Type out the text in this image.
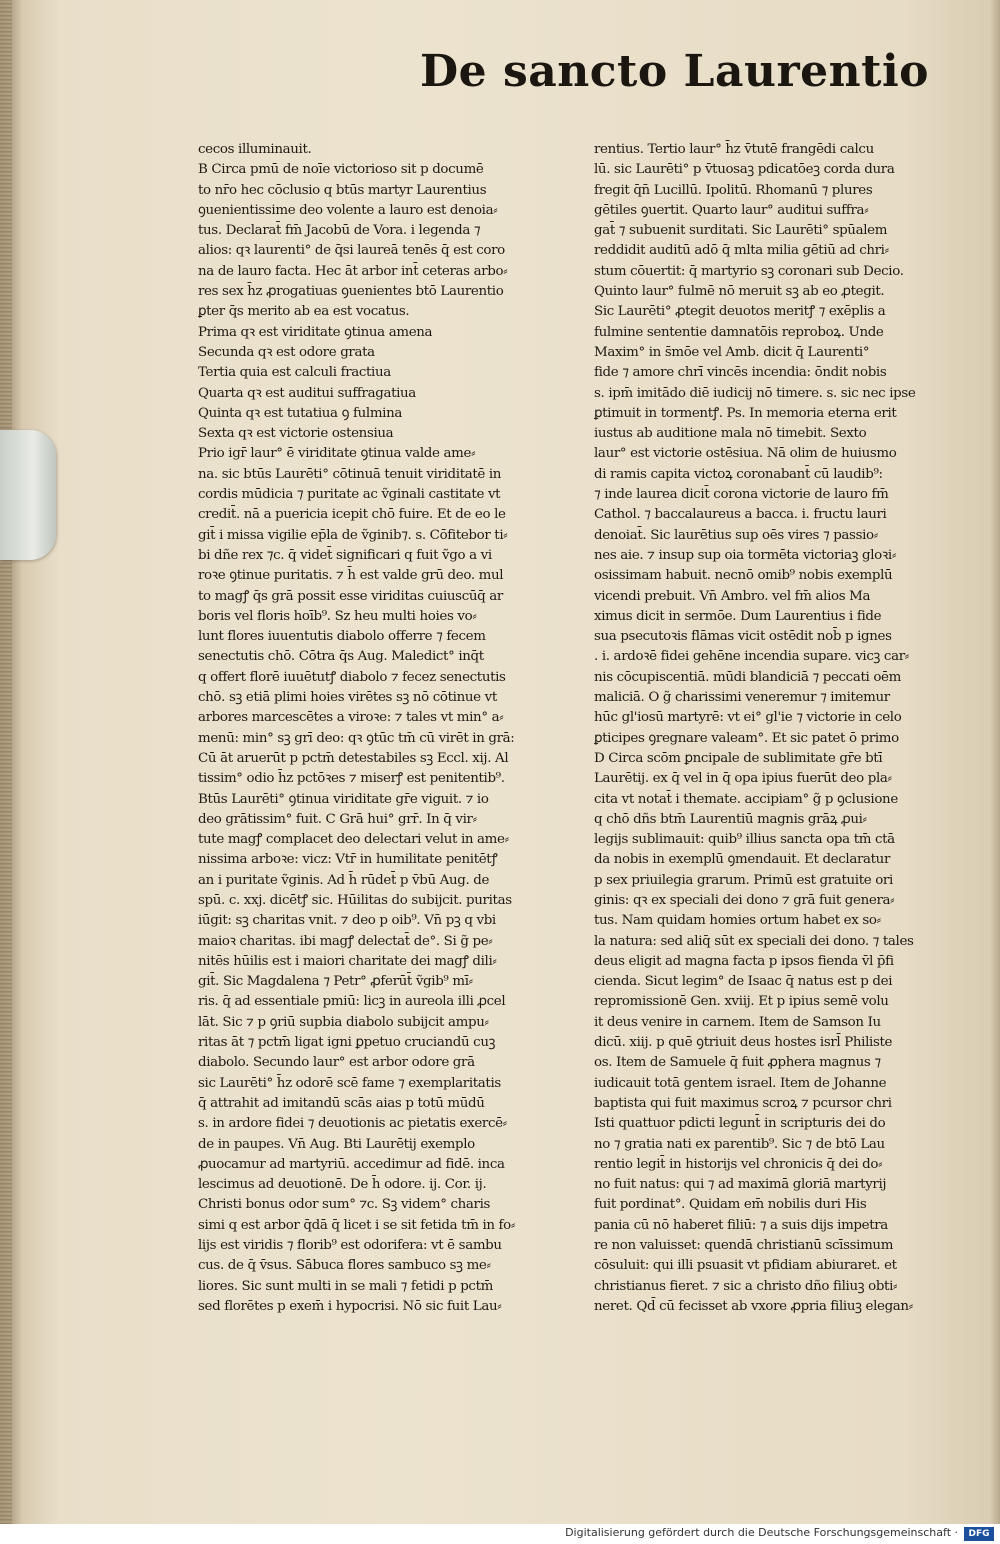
De sancto Laurentio
cecos illuminauit.
B Circa pmū de noīe victorioso sit p documē
to nr̄o hec cōclusio q btūs martyr Laurentius
ꝯuenientissime deo volente a lauro est denoia⸗
tus. Declarat̄ fm̄ Jacobū de Vora. i legenda ⁊
alios: qꝛ laurenti° de q̄si laureā tenēs q̄ est coro
na de lauro facta. Hec āt arbor int̄ ceteras arbo⸗
res sex h̄z ꝓrogatiuas ꝯuenientes btō Laurentio
ꝑter q̄s merito ab ea est vocatus.
Prima qꝛ est viriditate ꝯtinua amena
Secunda qꝛ est odore grata
Tertia quia est calculi fractiua
Quarta qꝛ est auditui suffragatiua
Quinta qꝛ est tutatiua ꝯ fulmina
Sexta qꝛ est victorie ostensiua
Prio igr̄ laur° ē viriditate ꝯtinua valde ame⸗
na. sic btūs Laurēti° cōtinuā tenuit viriditatē in
cordis mūdicia ⁊ puritate ac ṽginali castitate vt
credit̄. nā a puericia icepit chō fuire. Et de eo le
git̄ i missa vigilie ep̄la de ṽginib⁊. s. Cōfitebor ti⸗
bi dñe rex ⁊c. q̄ videt̄ significari q fuit ṽgo a vi
roꝛe ꝯtinue puritatis. ⁊ h̄ est valde grū deo. mul
to magꝭ q̄s grā possit esse viriditas cuiuscūq̄ ar
boris vel floris hoīb⁹. Sz heu multi hoies vo⸗
lunt flores iuuentutis diabolo offerre ⁊ fecem
senectutis chō. Cōtra q̄s Aug. Maledict° inq̄t
q offert florē iuuētutꝭ diabolo ⁊ fecez senectutis
chō. sꝫ etiā plimi hoies virētes sꝫ nō cōtinue vt
arbores marcescētes a viroꝛe: ⁊ tales vt min° a⸗
menū: min° sꝫ grī deo: qꝛ ꝯtūc tm̄ cū virēt in grā:
Cū āt aruerūt p pctm̄ detestabiles sꝫ Eccl. xij. Al
tissim° odio h̄z pctōꝛes ⁊ miserꝭ est penitentib⁹.
Btūs Laurēti° ꝯtinua viriditate gr̄e viguit. ⁊ io
deo grātissim° fuit. C Grā hui° grr̄. In q̄ vir⸗
tute magꝭ complacet deo delectari velut in ame⸗
nissima arboꝛe: vicz: Vtr̄ in humilitate penitētꝭ
an i puritate ṽginis. Ad h̄ rūdet̄ p v̄bū Aug. de
spū. c. xxj. dicētꝭ sic. Hūilitas do subijcit. puritas
iūgit: sꝫ charitas vnit. ⁊ deo p oib⁹. Vn̄ pꝫ q vbi
maioꝛ charitas. ibi magꝭ delectat̄ de°. Si g̃ pe⸗
nitēs hūilis est i maiori charitate dei magꝭ dili⸗
git̄. Sic Magdalena ⁊ Petr° ꝓferūt̄ ṽgib⁹ mī⸗
ris. q̄ ad essentiale pmiū: licꝫ in aureola illi ꝓcel
lāt. Sic ⁊ p ꝯriū supbia diabolo subijcit ampu⸗
ritas āt ⁊ pctm̄ ligat igni ꝑpetuo cruciandū cuꝫ
diabolo. Secundo laur° est arbor odore grā
sic Laurēti° h̄z odorē scē fame ⁊ exemplaritatis
q̄ attrahit ad imitandū scās aias p totū mūdū
s. in ardore fidei ⁊ deuotionis ac pietatis exercē⸗
de in paupes. Vn̄ Aug. Bti Laurētij exemplo
ꝓuocamur ad martyriū. accedimur ad fidē. inca
lescimus ad deuotionē. De h̄ odore. ij. Cor. ij.
Christi bonus odor sum° ⁊c. Sꝫ videm° charis
simi q est arbor q̄dā q̄ licet i se sit fetida tm̄ in fo⸗
lijs est viridis ⁊ florib⁹ est odorifera: vt ē sambu
cus. de q̄ v̄sus. Sābuca flores sambuco sꝫ me⸗
liores. Sic sunt multi in se mali ⁊ fetidi p pctm̄
sed florētes p exem̄ i hypocrisi. Nō sic fuit Lau⸗
rentius. Tertio laur° h̄z v̄tutē frangēdi calcu
lū. sic Laurēti° p v̄tuosaꝫ pdicatōeꝫ corda dura
fregit q̄n̄ Lucillū. Ipolitū. Rhomanū ⁊ plures
gētiles ꝯuertit. Quarto laur° auditui suffra⸗
gat̄ ⁊ subuenit surditati. Sic Laurēti° spūalem
reddidit auditū adō q̄ mlta milia gētiū ad chri⸗
stum cōuertit: q̄ martyrio sꝫ coronari sub Decio.
Quinto laur° fulmē nō meruit sꝫ ab eo ꝓtegit.
Sic Laurēti° ꝓtegit deuotos meritꝭ ⁊ exēplis a
fulmine sententie damnatōis reproboꝝ. Unde
Maxim° in s̄mōe vel Amb. dicit q̄ Laurenti°
fide ⁊ amore chrī vincēs incendia: ōndit nobis
s. ipm̄ imitādo diē iudicij nō timere. s. sic nec ipse
ꝑtimuit in tormentꝭ. Ps. In memoria eterna erit
iustus ab auditione mala nō timebit. Sexto
laur° est victorie ostēsiua. Nā olim de huiusmo
di ramis capita victoꝝ coronabant̄ cū laudib⁹:
⁊ inde laurea dicit̄ corona victorie de lauro fm̄
Cathol. ⁊ baccalaureus a bacca. i. fructu lauri
denoiat̄. Sic laurētius sup oēs vires ⁊ passio⸗
nes aie. ⁊ insup sup oia tormēta victoriaꝫ gloꝛi⸗
osissimam habuit. necnō omib⁹ nobis exemplū
vicendi prebuit. Vn̄ Ambro. vel fm̄ alios Ma
ximus dicit in sermōe. Dum Laurentius i fide
sua psecutoꝛis flāmas vicit ostēdit nob̄ p ignes
. i. ardoꝛē fidei gehēne incendia supare. vicꝫ car⸗
nis cōcupiscentiā. mūdi blandiciā ⁊ peccati oēm
maliciā. O g̃ charissimi veneremur ⁊ imitemur
hūc gl'iosū martyrē: vt ei° gl'ie ⁊ victorie in celo
ꝑticipes ꝯregnare valeam°. Et sic patet ō primo
D Circa scōm ꝑncipale de sublimitate gr̄e btī
Laurētij. ex q̄ vel in q̄ opa ipius fuerūt deo pla⸗
cita vt notat̄ i themate. accipiam° g̃ p ꝯclusione
q chō dñs btm̄ Laurentiū magnis grāꝝ ꝓui⸗
legijs sublimauit: quib⁹ illius sancta opa tm̄ ctā
da nobis in exemplū ꝯmendauit. Et declaratur
p sex priuilegia grarum. Primū est gratuite ori
ginis: qꝛ ex speciali dei dono ⁊ grā fuit genera⸗
tus. Nam quidam homies ortum habet ex so⸗
la natura: sed aliq̄ sūt ex speciali dei dono. ⁊ tales
deus eligit ad magna facta p ipsos fienda v̄l p̄fi
cienda. Sicut legim° de Isaac q̄ natus est p dei
repromissionē Gen. xviij. Et p ipius semē volu
it deus venire in carnem. Item de Samson Iu
dicū. xiij. p quē ꝯtriuit deus hostes isrl̄ Philiste
os. Item de Samuele q̄ fuit ꝓphera magnus ⁊
iudicauit totā gentem israel. Item de Johanne
baptista qui fuit maximus scroꝝ ⁊ pcursor chri
Isti quattuor pdicti legunt̄ in scripturis dei do
no ⁊ gratia nati ex parentib⁹. Sic ⁊ de btō Lau
rentio legit̄ in historijs vel chronicis q̄ dei do⸗
no fuit natus: qui ⁊ ad maximā gloriā martyrij
fuit pordinat°. Quidam em̄ nobilis duri His
pania cū nō haberet filiū: ⁊ a suis dijs impetra
re non valuisset: quendā christianū scīssimum
cōsuluit: qui illi psuasit vt pfidiam abiuraret. et
christianus fieret. ⁊ sic a christo dño filiuꝫ obti⸗
neret. Qd̄ cū fecisset ab vxore ꝓpria filiuꝫ elegan⸗
Digitalisierung gefördert durch die Deutsche Forschungsgemeinschaft ·	DFG
